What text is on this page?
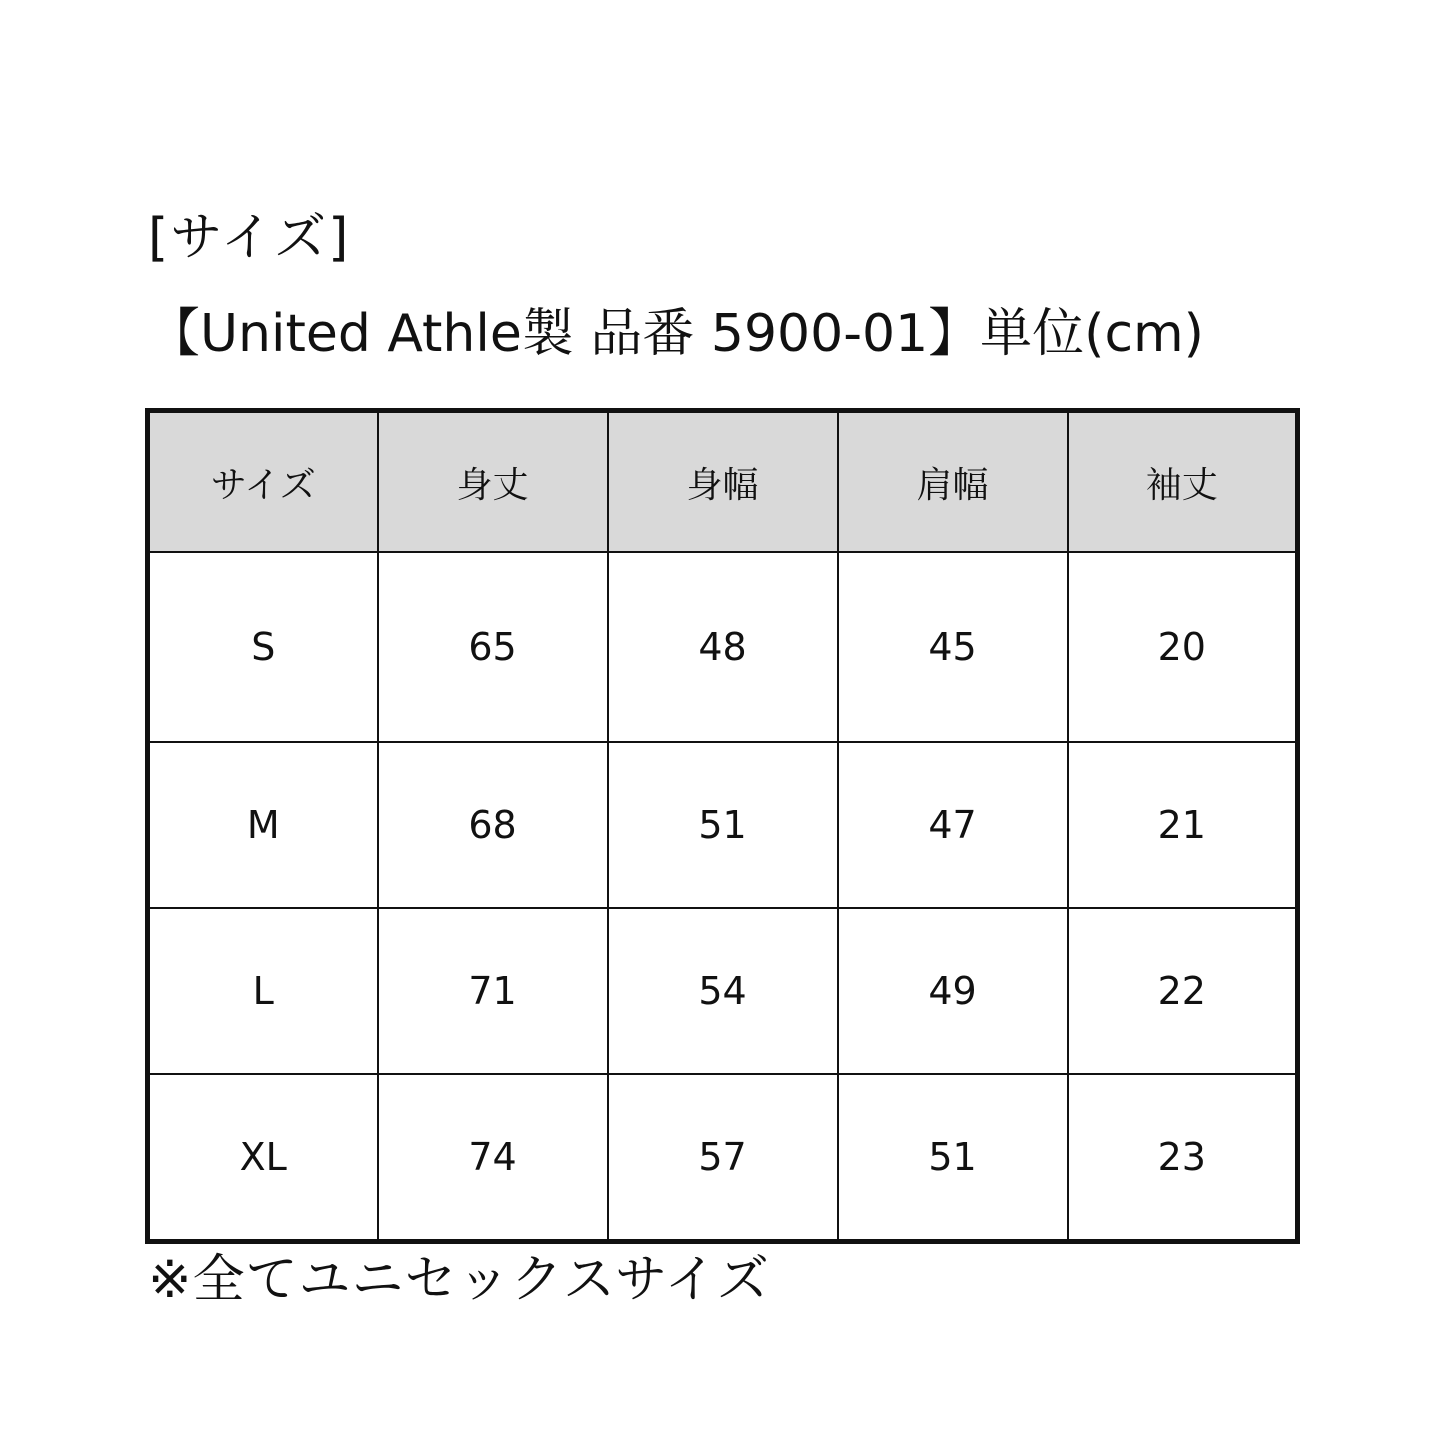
[サイズ]
【United Athle製 品番 5900-01】単位(cm)
サイズ	身丈	身幅	肩幅	袖丈
S	65	48	45	20
M	68	51	47	21
L	71	54	49	22
XL	74	57	51	23
※全てユニセックスサイズ
